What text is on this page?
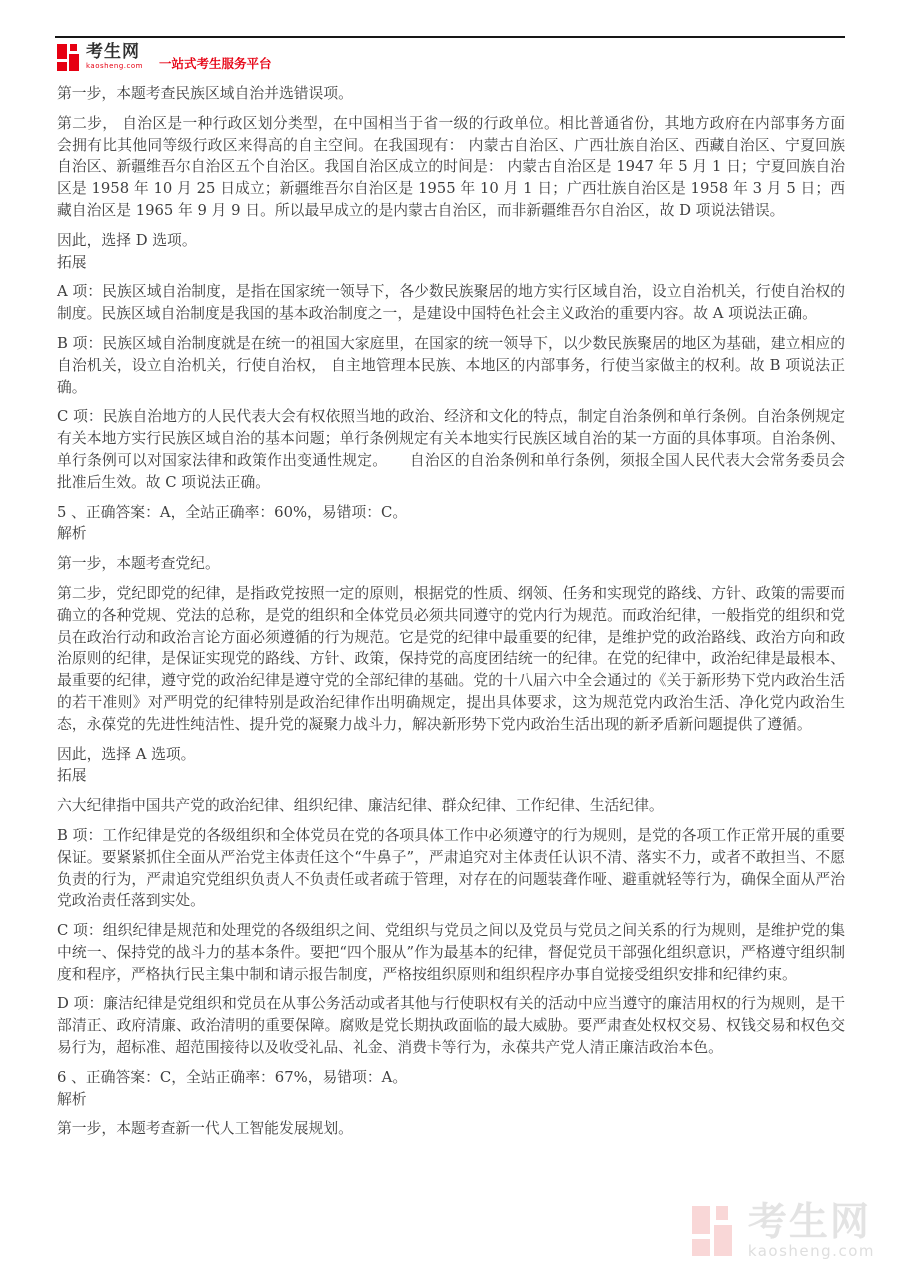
考生网
kaosheng.com 一站式考生服务平台

第一步，本题考查民族区域自治并选错误项。

第二步， 自治区是一种行政区划分类型，在中国相当于省一级的行政单位。相比普通省份，其地方政府在内部事务方面会拥有比其他同等级行政区来得高的自主空间。在我国现有： 内蒙古自治区、广西壮族自治区、西藏自治区、宁夏回族自治区、新疆维吾尔自治区五个自治区。我国自治区成立的时间是： 内蒙古自治区是 1947 年 5 月 1 日；宁夏回族自治区是 1958 年 10 月 25 日成立；新疆维吾尔自治区是 1955 年 10 月 1 日；广西壮族自治区是 1958 年 3 月 5 日；西藏自治区是 1965 年 9 月 9 日。所以最早成立的是内蒙古自治区，而非新疆维吾尔自治区，故 D 项说法错误。

因此，选择 D 选项。
拓展

A 项：民族区域自治制度，是指在国家统一领导下，各少数民族聚居的地方实行区域自治，设立自治机关，行使自治权的制度。民族区域自治制度是我国的基本政治制度之一，是建设中国特色社会主义政治的重要内容。故 A 项说法正确。

B 项：民族区域自治制度就是在统一的祖国大家庭里，在国家的统一领导下，以少数民族聚居的地区为基础，建立相应的自治机关，设立自治机关，行使自治权， 自主地管理本民族、本地区的内部事务，行使当家做主的权利。故 B 项说法正确。

C 项：民族自治地方的人民代表大会有权依照当地的政治、经济和文化的特点，制定自治条例和单行条例。自治条例规定有关本地方实行民族区域自治的基本问题；单行条例规定有关本地实行民族区域自治的某一方面的具体事项。自治条例、单行条例可以对国家法律和政策作出变通性规定。　　自治区的自治条例和单行条例，须报全国人民代表大会常务委员会批准后生效。故 C 项说法正确。

5 、正确答案：A，全站正确率：60%，易错项：C。
解析

第一步，本题考查党纪。

第二步，党纪即党的纪律，是指政党按照一定的原则，根据党的性质、纲领、任务和实现党的路线、方针、政策的需要而确立的各种党规、党法的总称，是党的组织和全体党员必须共同遵守的党内行为规范。而政治纪律，一般指党的组织和党员在政治行动和政治言论方面必须遵循的行为规范。它是党的纪律中最重要的纪律，是维护党的政治路线、政治方向和政治原则的纪律，是保证实现党的路线、方针、政策，保持党的高度团结统一的纪律。在党的纪律中，政治纪律是最根本、最重要的纪律，遵守党的政治纪律是遵守党的全部纪律的基础。党的十八届六中全会通过的《关于新形势下党内政治生活的若干准则》对严明党的纪律特别是政治纪律作出明确规定，提出具体要求，这为规范党内政治生活、净化党内政治生态，永葆党的先进性纯洁性、提升党的凝聚力战斗力，解决新形势下党内政治生活出现的新矛盾新问题提供了遵循。

因此，选择 A 选项。
拓展

六大纪律指中国共产党的政治纪律、组织纪律、廉洁纪律、群众纪律、工作纪律、生活纪律。

B 项：工作纪律是党的各级组织和全体党员在党的各项具体工作中必须遵守的行为规则，是党的各项工作正常开展的重要保证。要紧紧抓住全面从严治党主体责任这个“牛鼻子”，严肃追究对主体责任认识不清、落实不力，或者不敢担当、不愿负责的行为，严肃追究党组织负责人不负责任或者疏于管理，对存在的问题装聋作哑、避重就轻等行为，确保全面从严治党政治责任落到实处。

C 项：组织纪律是规范和处理党的各级组织之间、党组织与党员之间以及党员与党员之间关系的行为规则，是维护党的集中统一、保持党的战斗力的基本条件。要把“四个服从”作为最基本的纪律，督促党员干部强化组织意识，严格遵守组织制度和程序，严格执行民主集中制和请示报告制度，严格按组织原则和组织程序办事自觉接受组织安排和纪律约束。

D 项：廉洁纪律是党组织和党员在从事公务活动或者其他与行使职权有关的活动中应当遵守的廉洁用权的行为规则，是干部清正、政府清廉、政治清明的重要保障。腐败是党长期执政面临的最大威胁。要严肃查处权权交易、权钱交易和权色交易行为，超标准、超范围接待以及收受礼品、礼金、消费卡等行为，永葆共产党人清正廉洁政治本色。

6 、正确答案：C，全站正确率：67%，易错项：A。
解析

第一步，本题考查新一代人工智能发展规划。

考生网
kaosheng.com
